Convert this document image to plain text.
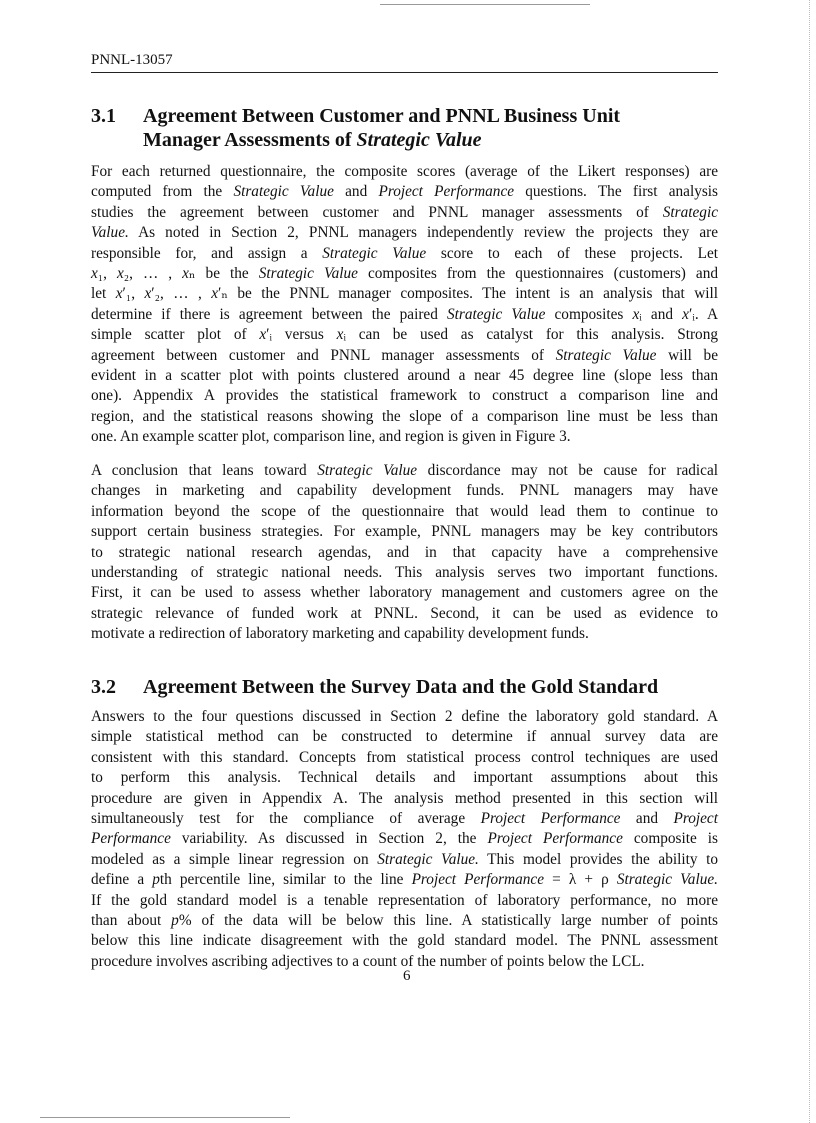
PNNL-13057
3.1 Agreement Between Customer and PNNL Business Unit
Manager Assessments of Strategic Value
For each returned questionnaire, the composite scores (average of the Likert responses) are
computed from the Strategic Value and Project Performance questions. The first analysis
studies the agreement between customer and PNNL manager assessments of Strategic
Value. As noted in Section 2, PNNL managers independently review the projects they are
responsible for, and assign a Strategic Value score to each of these projects. Let
x₁, x₂, … , xₙ be the Strategic Value composites from the questionnaires (customers) and
let x′₁, x′₂, … , x′ₙ be the PNNL manager composites. The intent is an analysis that will
determine if there is agreement between the paired Strategic Value composites xᵢ and x′ᵢ. A
simple scatter plot of x′ᵢ versus xᵢ can be used as catalyst for this analysis. Strong
agreement between customer and PNNL manager assessments of Strategic Value will be
evident in a scatter plot with points clustered around a near 45 degree line (slope less than
one). Appendix A provides the statistical framework to construct a comparison line and
region, and the statistical reasons showing the slope of a comparison line must be less than
one. An example scatter plot, comparison line, and region is given in Figure 3.
A conclusion that leans toward Strategic Value discordance may not be cause for radical
changes in marketing and capability development funds. PNNL managers may have
information beyond the scope of the questionnaire that would lead them to continue to
support certain business strategies. For example, PNNL managers may be key contributors
to strategic national research agendas, and in that capacity have a comprehensive
understanding of strategic national needs. This analysis serves two important functions.
First, it can be used to assess whether laboratory management and customers agree on the
strategic relevance of funded work at PNNL. Second, it can be used as evidence to
motivate a redirection of laboratory marketing and capability development funds.
3.2 Agreement Between the Survey Data and the Gold Standard
Answers to the four questions discussed in Section 2 define the laboratory gold standard. A
simple statistical method can be constructed to determine if annual survey data are
consistent with this standard. Concepts from statistical process control techniques are used
to perform this analysis. Technical details and important assumptions about this
procedure are given in Appendix A. The analysis method presented in this section will
simultaneously test for the compliance of average Project Performance and Project
Performance variability. As discussed in Section 2, the Project Performance composite is
modeled as a simple linear regression on Strategic Value. This model provides the ability to
define a pth percentile line, similar to the line Project Performance = λ + ρ Strategic Value.
If the gold standard model is a tenable representation of laboratory performance, no more
than about p% of the data will be below this line. A statistically large number of points
below this line indicate disagreement with the gold standard model. The PNNL assessment
procedure involves ascribing adjectives to a count of the number of points below the LCL.
6
